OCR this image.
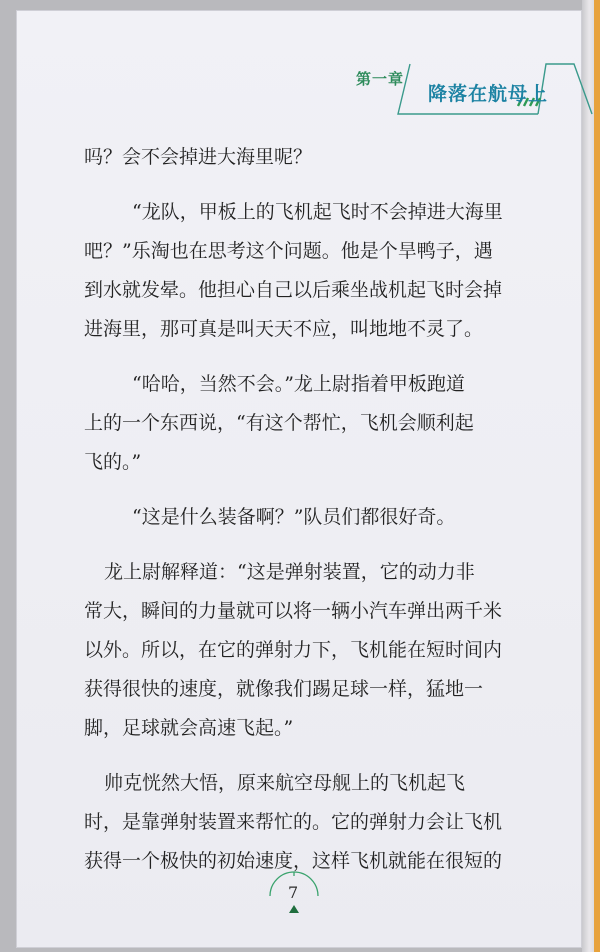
第一章
降落在航母上
吗？会不会掉进大海里呢？
“龙队，甲板上的飞机起飞时不会掉进大海里
吧？”乐淘也在思考这个问题。他是个旱鸭子，遇
到水就发晕。他担心自己以后乘坐战机起飞时会掉
进海里，那可真是叫天天不应，叫地地不灵了。
“哈哈，当然不会。”龙上尉指着甲板跑道
上的一个东西说，“有这个帮忙，飞机会顺利起
飞的。”
“这是什么装备啊？”队员们都很好奇。
龙上尉解释道：“这是弹射装置，它的动力非
常大，瞬间的力量就可以将一辆小汽车弹出两千米
以外。所以，在它的弹射力下，飞机能在短时间内
获得很快的速度，就像我们踢足球一样，猛地一
脚，足球就会高速飞起。”
帅克恍然大悟，原来航空母舰上的飞机起飞
时，是靠弹射装置来帮忙的。它的弹射力会让飞机
获得一个极快的初始速度，这样飞机就能在很短的
7
